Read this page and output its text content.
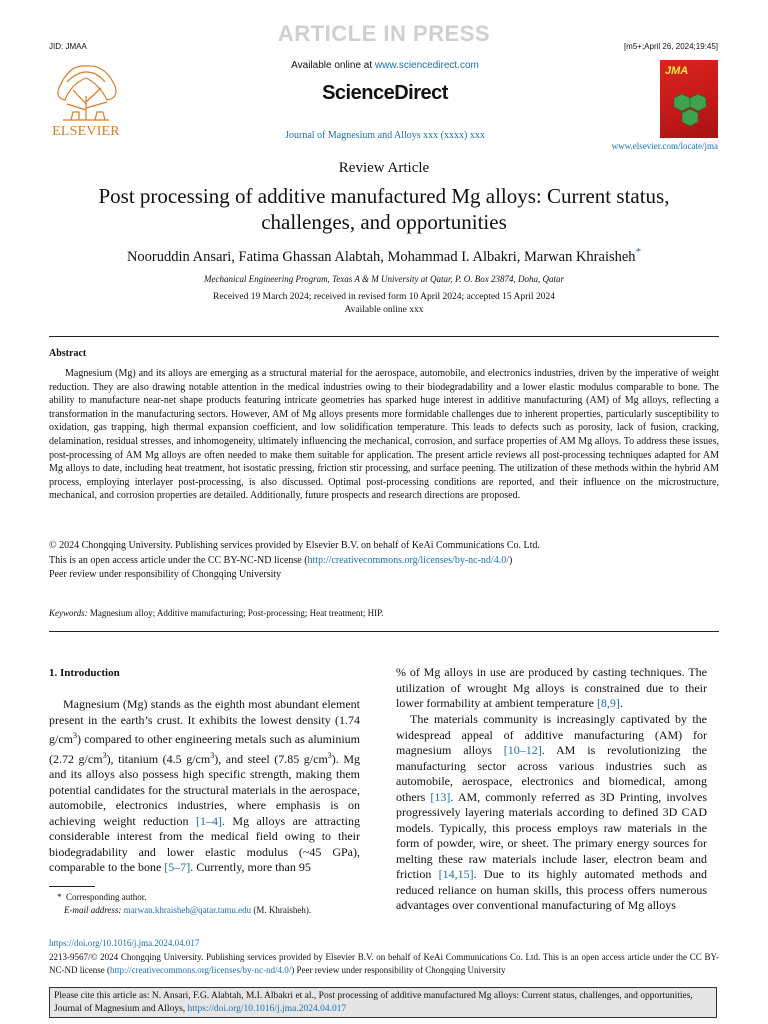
ARTICLE IN PRESS
JID: JMAA	[m5+;April 26, 2024;19:45]
ELSEVIER
Available online at www.sciencedirect.com
ScienceDirect
Journal of Magnesium and Alloys xxx (xxxx) xxx
JMA
www.elsevier.com/locate/jma
Review Article
Post processing of additive manufactured Mg alloys: Current status, challenges, and opportunities
Nooruddin Ansari, Fatima Ghassan Alabtah, Mohammad I. Albakri, Marwan Khraisheh*
Mechanical Engineering Program, Texas A & M University at Qatar, P. O. Box 23874, Doha, Qatar
Received 19 March 2024; received in revised form 10 April 2024; accepted 15 April 2024
Available online xxx
Abstract

Magnesium (Mg) and its alloys are emerging as a structural material for the aerospace, automobile, and electronics industries, driven by the imperative of weight reduction. They are also drawing notable attention in the medical industries owing to their biodegradability and a lower elastic modulus comparable to bone. The ability to manufacture near-net shape products featuring intricate geometries has sparked huge interest in additive manufacturing (AM) of Mg alloys, reflecting a transformation in the manufacturing sectors. However, AM of Mg alloys presents more formidable challenges due to inherent properties, particularly susceptibility to oxidation, gas trapping, high thermal expansion coefficient, and low solidification temperature. This leads to defects such as porosity, lack of fusion, cracking, delamination, residual stresses, and inhomogeneity, ultimately influencing the mechanical, corrosion, and surface properties of AM Mg alloys. To address these issues, post-processing of AM Mg alloys are often needed to make them suitable for application. The present article reviews all post-processing techniques adapted for AM Mg alloys to date, including heat treatment, hot isostatic pressing, friction stir processing, and surface peening. The utilization of these methods within the hybrid AM process, employing interlayer post-processing, is also discussed. Optimal post-processing conditions are reported, and their influence on the microstructure, mechanical, and corrosion properties are detailed. Additionally, future prospects and research directions are proposed.

© 2024 Chongqing University. Publishing services provided by Elsevier B.V. on behalf of KeAi Communications Co. Ltd.
This is an open access article under the CC BY-NC-ND license (http://creativecommons.org/licenses/by-nc-nd/4.0/)
Peer review under responsibility of Chongqing University
Keywords: Magnesium alloy; Additive manufacturing; Post-processing; Heat treatment; HIP.
1. Introduction

Magnesium (Mg) stands as the eighth most abundant element present in the earth’s crust. It exhibits the lowest density (1.74 $g/cm^3$) compared to other engineering metals such as aluminium (2.72 $g/cm^3$), titanium (4.5 $g/cm^3$), and steel (7.85 $g/cm^3$). Mg and its alloys also possess high specific strength, making them potential candidates for the structural materials in the aerospace, automobile, electronics industries, where emphasis is on achieving weight reduction [1–4]. Mg alloys are attracting considerable interest from the medical field owing to their biodegradability and lower elastic modulus (~45 GPa), comparable to the bone [5–7]. Currently, more than 95

% of Mg alloys in use are produced by casting techniques. The utilization of wrought Mg alloys is constrained due to their lower formability at ambient temperature [8,9].

The materials community is increasingly captivated by the widespread appeal of additive manufacturing (AM) for magnesium alloys [10–12]. AM is revolutionizing the manufacturing sector across various industries such as automobile, aerospace, electronics and biomedical, among others [13]. AM, commonly referred as 3D Printing, involves progressively layering materials according to defined 3D CAD models. Typically, this process employs raw materials in the form of powder, wire, or sheet. The primary energy sources for melting these raw materials include laser, electron beam and friction [14,15]. Due to its highly automated methods and reduced reliance on human skills, this process offers numerous advantages over conventional manufacturing of Mg alloys

* Corresponding author.
E-mail address: marwan.khraisheh@qatar.tamu.edu (M. Khraisheh).
https://doi.org/10.1016/j.jma.2024.04.017
2213-9567/© 2024 Chongqing University. Publishing services provided by Elsevier B.V. on behalf of KeAi Communications Co. Ltd. This is an open access article under the CC BY-NC-ND license (http://creativecommons.org/licenses/by-nc-nd/4.0/) Peer review under responsibility of Chongqing University
Please cite this article as: N. Ansari, F.G. Alabtah, M.I. Albakri et al., Post processing of additive manufactured Mg alloys: Current status, challenges, and opportunities, Journal of Magnesium and Alloys, https://doi.org/10.1016/j.jma.2024.04.017
